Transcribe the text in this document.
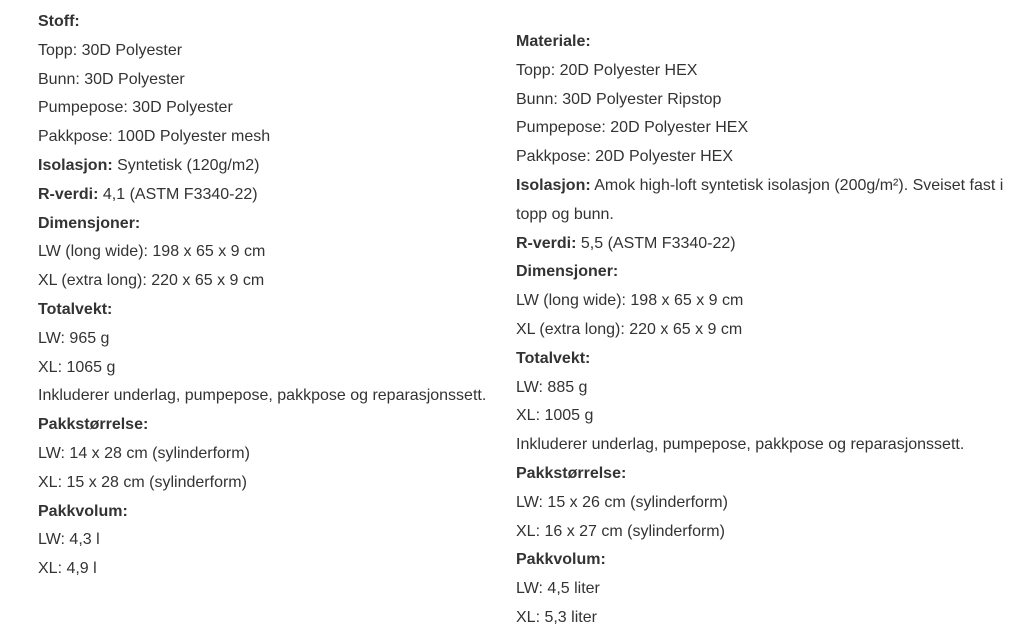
Stoff:
Topp: 30D Polyester
Bunn: 30D Polyester
Pumpepose: 30D Polyester
Pakkpose: 100D Polyester mesh
Isolasjon: Syntetisk (120g/m2)
R-verdi: 4,1 (ASTM F3340-22)
Dimensjoner:
LW (long wide): 198 x 65 x 9 cm
XL (extra long): 220 x 65 x 9 cm
Totalvekt:
LW: 965 g
XL: 1065 g
Inkluderer underlag, pumpepose, pakkpose og reparasjonssett.
Pakkstørrelse:
LW: 14 x 28 cm (sylinderform)
XL: 15 x 28 cm (sylinderform)
Pakkvolum:
LW: 4,3 l
XL: 4,9 l
Materiale:
Topp: 20D Polyester HEX
Bunn: 30D Polyester Ripstop
Pumpepose: 20D Polyester HEX
Pakkpose: 20D Polyester HEX
Isolasjon: Amok high-loft syntetisk isolasjon (200g/m²). Sveiset fast i topp og bunn.
R-verdi: 5,5 (ASTM F3340-22)
Dimensjoner:
LW (long wide): 198 x 65 x 9 cm
XL (extra long): 220 x 65 x 9 cm
Totalvekt:
LW: 885 g
XL: 1005 g
Inkluderer underlag, pumpepose, pakkpose og reparasjonssett.
Pakkstørrelse:
LW: 15 x 26 cm (sylinderform)
XL: 16 x 27 cm (sylinderform)
Pakkvolum:
LW: 4,5 liter
XL: 5,3 liter
